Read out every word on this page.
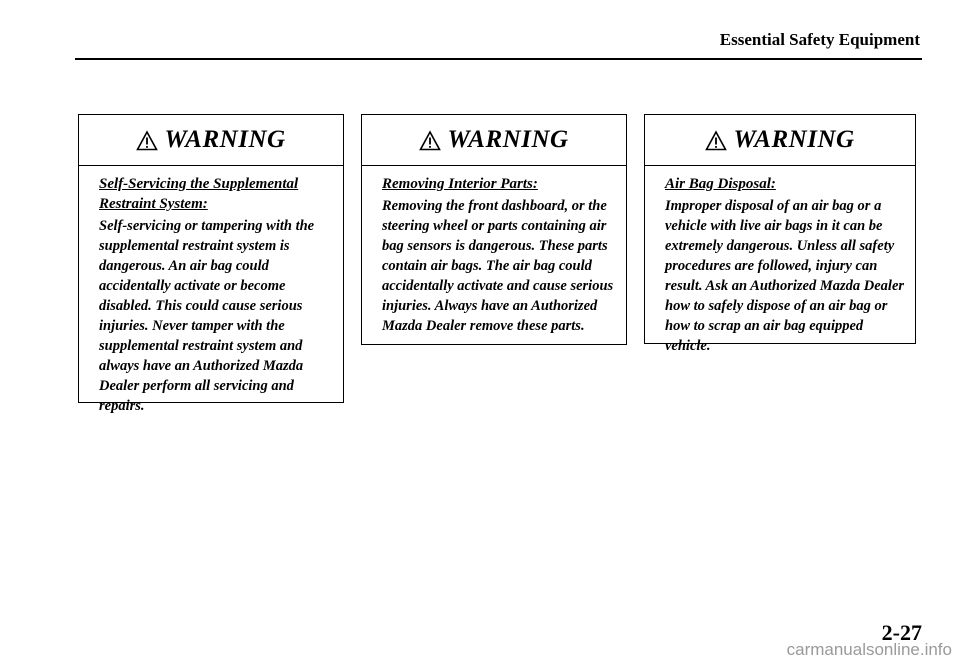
Essential Safety Equipment
WARNING
Self-Servicing the Supplemental Restraint System:
Self-servicing or tampering with the supplemental restraint system is dangerous. An air bag could accidentally activate or become disabled. This could cause serious injuries. Never tamper with the supplemental restraint system and always have an Authorized Mazda Dealer perform all servicing and repairs.
WARNING
Removing Interior Parts:
Removing the front dashboard, or the steering wheel or parts containing air bag sensors is dangerous. These parts contain air bags. The air bag could accidentally activate and cause serious injuries. Always have an Authorized Mazda Dealer remove these parts.
WARNING
Air Bag Disposal:
Improper disposal of an air bag or a vehicle with live air bags in it can be extremely dangerous. Unless all safety procedures are followed, injury can result. Ask an Authorized Mazda Dealer how to safely dispose of an air bag or how to scrap an air bag equipped vehicle.
2-27
carmanualsonline.info
